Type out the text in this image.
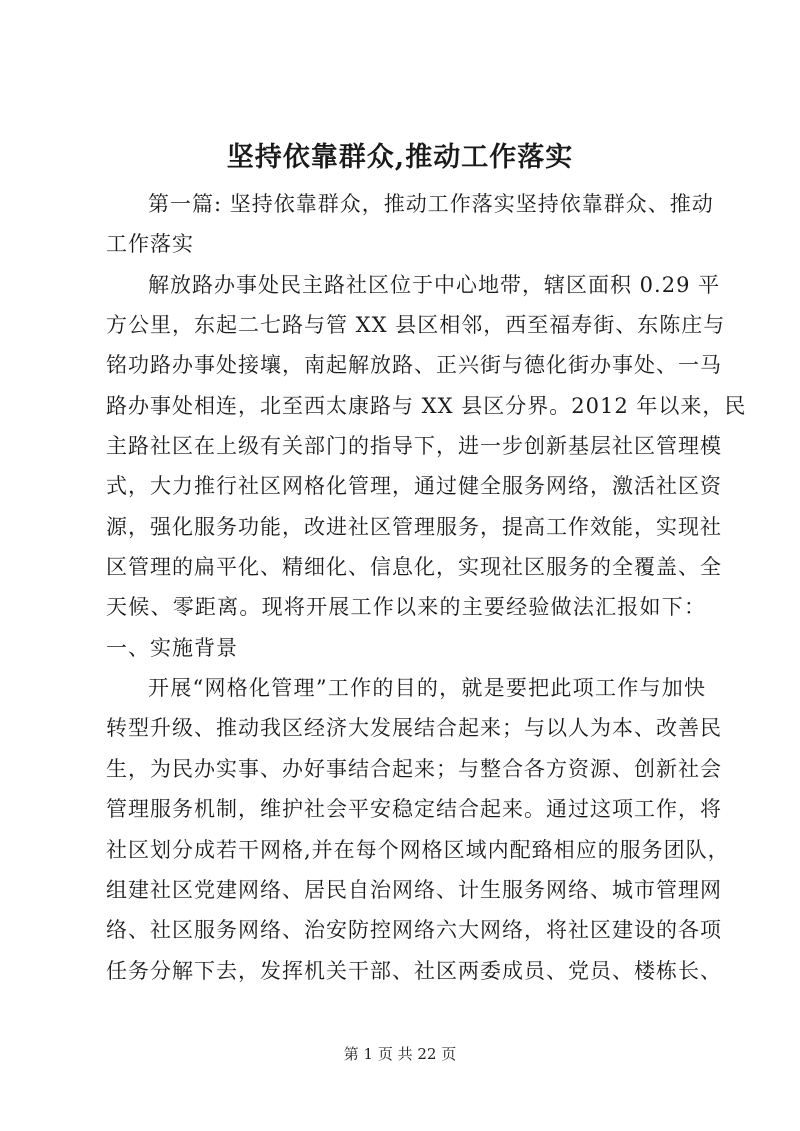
坚持依靠群众,推动工作落实
第一篇: 坚持依靠群众，推动工作落实坚持依靠群众、推动
工作落实
解放路办事处民主路社区位于中心地带，辖区面积 0.29 平
方公里，东起二七路与管 XX 县区相邻，西至福寿街、东陈庄与
铭功路办事处接壤，南起解放路、正兴街与德化街办事处、一马
路办事处相连，北至西太康路与 XX 县区分界。2012 年以来，民
主路社区在上级有关部门的指导下，进一步创新基层社区管理模
式，大力推行社区网格化管理，通过健全服务网络，激活社区资
源，强化服务功能，改进社区管理服务，提高工作效能，实现社
区管理的扁平化、精细化、信息化，实现社区服务的全覆盖、全
天候、零距离。现将开展工作以来的主要经验做法汇报如下：
一、实施背景
开展“网格化管理”工作的目的，就是要把此项工作与加快
转型升级、推动我区经济大发展结合起来；与以人为本、改善民
生，为民办实事、办好事结合起来；与整合各方资源、创新社会
管理服务机制，维护社会平安稳定结合起来。通过这项工作，将
社区划分成若干网格,并在每个网格区域内配臵相应的服务团队，
组建社区党建网络、居民自治网络、计生服务网络、城市管理网
络、社区服务网络、治安防控网络六大网络，将社区建设的各项
任务分解下去，发挥机关干部、社区两委成员、党员、楼栋长、
第 1 页 共 22 页
